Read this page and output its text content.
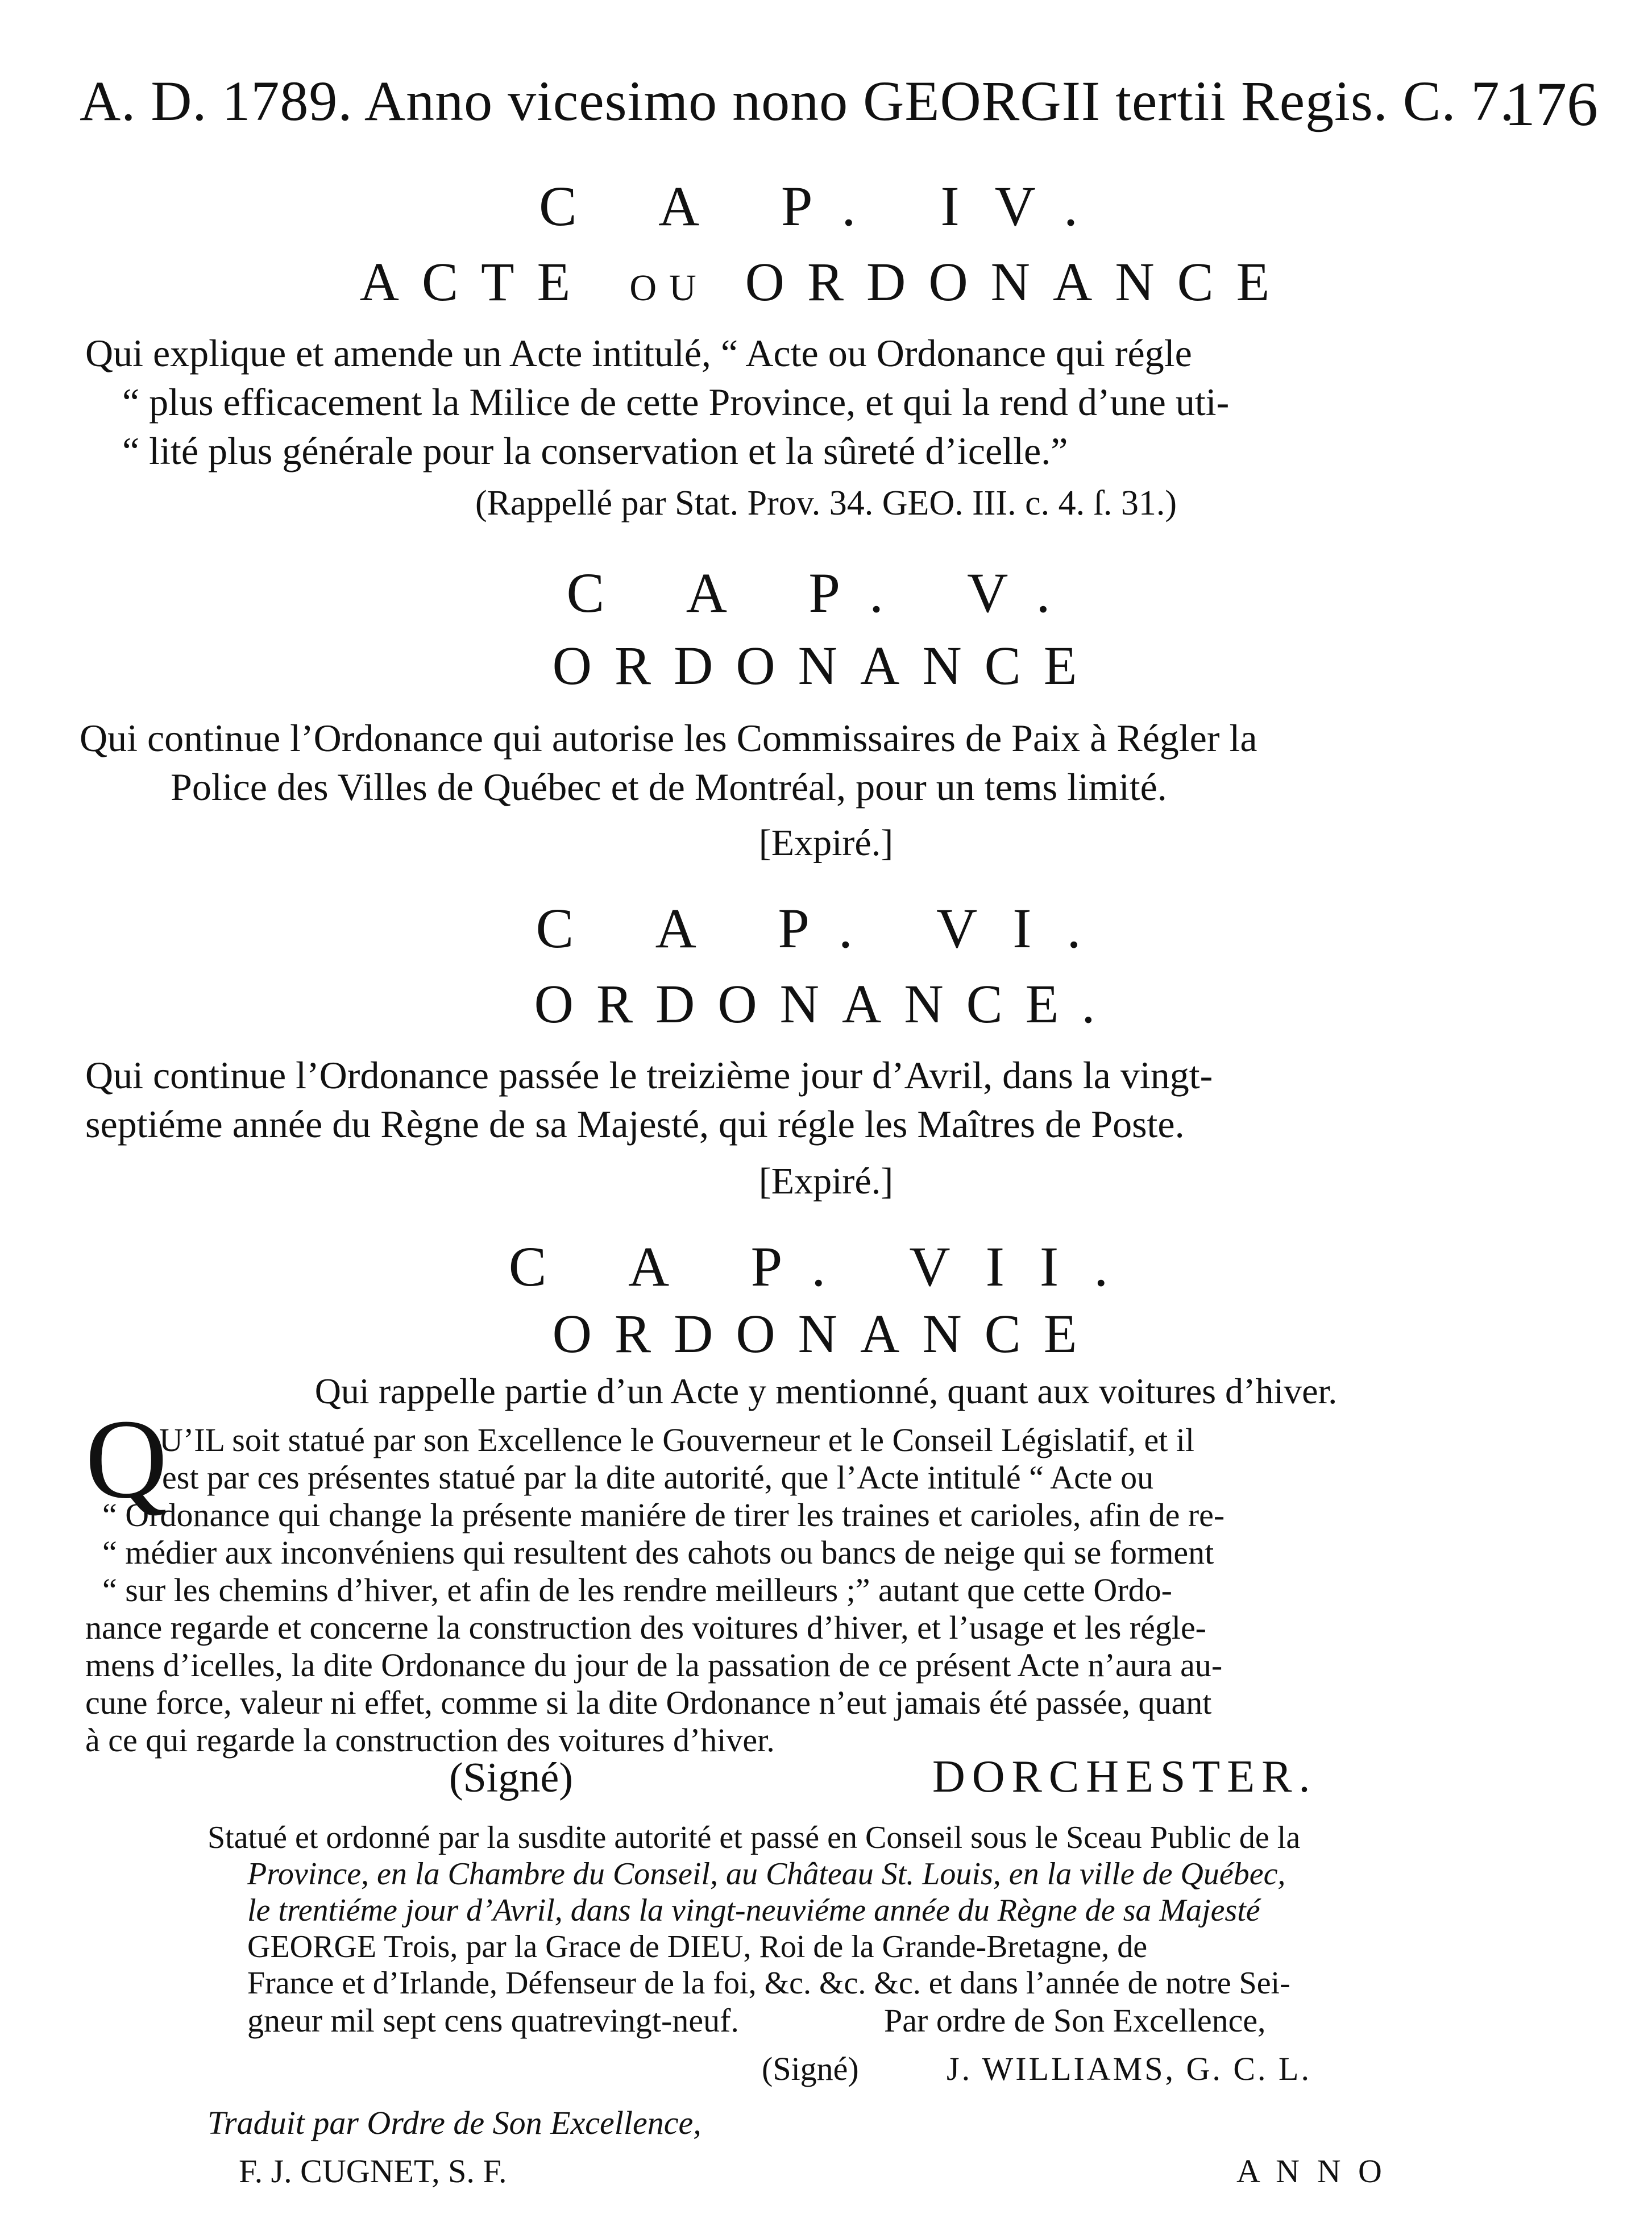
A. D. 1789. Anno vicesimo nono GEORGII tertii Regis. C. 7.
176
C A P. IV.
ACTE OU ORDONANCE
Qui explique et amende un Acte intitulé, “ Acte ou Ordonance qui régle
“ plus efficacement la Milice de cette Province, et qui la rend d’une uti-
“ lité plus générale pour la conservation et la sûreté d’icelle.”
(Rappellé par Stat. Prov. 34. GEO. III. c. 4. ſ. 31.)
C A P. V.
ORDONANCE
Qui continue l’Ordonance qui autorise les Commissaires de Paix à Régler la
Police des Villes de Québec et de Montréal, pour un tems limité.
[Expiré.]
C A P. VI.
ORDONANCE.
Qui continue l’Ordonance passée le treizième jour d’Avril, dans la vingt-
septiéme année du Règne de sa Majesté, qui régle les Maîtres de Poste.
[Expiré.]
C A P. VII.
ORDONANCE
Qui rappelle partie d’un Acte y mentionné, quant aux voitures d’hiver.
Q
U’IL soit statué par son Excellence le Gouverneur et le Conseil Législatif, et il
est par ces présentes statué par la dite autorité, que l’Acte intitulé “ Acte ou
“ Ordonance qui change la présente maniére de tirer les traines et carioles, afin de re-
“ médier aux inconvéniens qui resultent des cahots ou bancs de neige qui se forment
“ sur les chemins d’hiver, et afin de les rendre meilleurs ;” autant que cette Ordo-
nance regarde et concerne la construction des voitures d’hiver, et l’usage et les régle-
mens d’icelles, la dite Ordonance du jour de la passation de ce présent Acte n’aura au-
cune force, valeur ni effet, comme si la dite Ordonance n’eut jamais été passée, quant
à ce qui regarde la construction des voitures d’hiver.
(Signé)	DORCHESTER.
Statué et ordonné par la susdite autorité et passé en Conseil sous le Sceau Public de la
Province, en la Chambre du Conseil, au Château St. Louis, en la ville de Québec,
le trentiéme jour d’Avril, dans la vingt-neuviéme année du Règne de sa Majesté
GEORGE Trois, par la Grace de DIEU, Roi de la Grande-Bretagne, de
France et d’Irlande, Défenseur de la foi, &c. &c. &c. et dans l’année de notre Sei-
gneur mil sept cens quatrevingt-neuf.	Par ordre de Son Excellence,
(Signé)	J. WILLIAMS, G. C. L.
Traduit par Ordre de Son Excellence,
F. J. CUGNET, S. F.	A N N O
